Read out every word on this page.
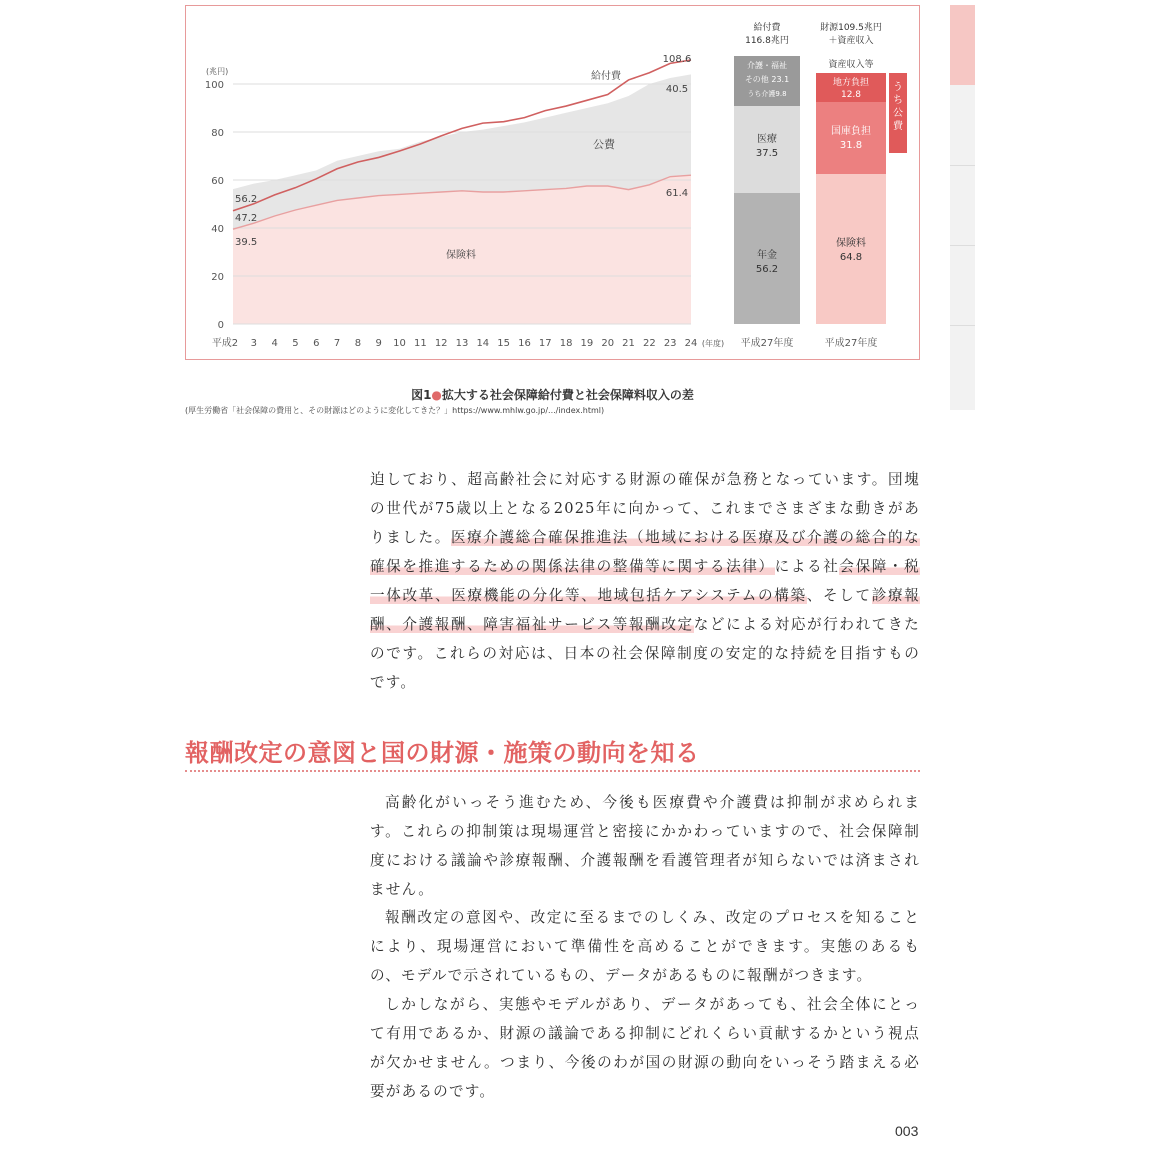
0
20
40
60
80
100
(兆円)
平成2 3 4 5 6 7 8 9 10 11 12 13 14 15 16 17 18 19 20 21 22 23 24 (年度)
給付費
公費
保険料
56.2
47.2
39.5
108.6
40.5
61.4
年金
56.2
医療
37.5
介護・福祉
その他 23.1
うち介護9.8
給付費
116.8兆円
平成27年度
保険料
64.8
国庫負担
31.8
地方負担
12.8
資産収入等
財源109.5兆円
＋資産収入
平成27年度
う
ち
公
費
図1●拡大する社会保障給付費と社会保障料収入の差
(厚生労働省「社会保障の費用と、その財源はどのように変化してきた？」https://www.mhlw.go.jp/.../index.html)

迫しており、超高齢社会に対応する財源の確保が急務となっています。団塊の世代が75歳以上となる2025年に向かって、これまでさまざまな動きがありました。医療介護総合確保推進法（地域における医療及び介護の総合的な確保を推進するための関係法律の整備等に関する法律）による社会保障・税一体改革、医療機能の分化等、地域包括ケアシステムの構築、そして診療報酬、介護報酬、障害福祉サービス等報酬改定などによる対応が行われてきたのです。これらの対応は、日本の社会保障制度の安定的な持続を目指すものです。

報酬改定の意図と国の財源・施策の動向を知る

高齢化がいっそう進むため、今後も医療費や介護費は抑制が求められます。これらの抑制策は現場運営と密接にかかわっていますので、社会保障制度における議論や診療報酬、介護報酬を看護管理者が知らないでは済まされません。

報酬改定の意図や、改定に至るまでのしくみ、改定のプロセスを知ることにより、現場運営において準備性を高めることができます。実態のあるもの、モデルで示されているもの、データがあるものに報酬がつきます。

しかしながら、実態やモデルがあり、データがあっても、社会全体にとって有用であるか、財源の議論である抑制にどれくらい貢献するかという視点が欠かせません。つまり、今後のわが国の財源の動向をいっそう踏まえる必要があるのです。

003
